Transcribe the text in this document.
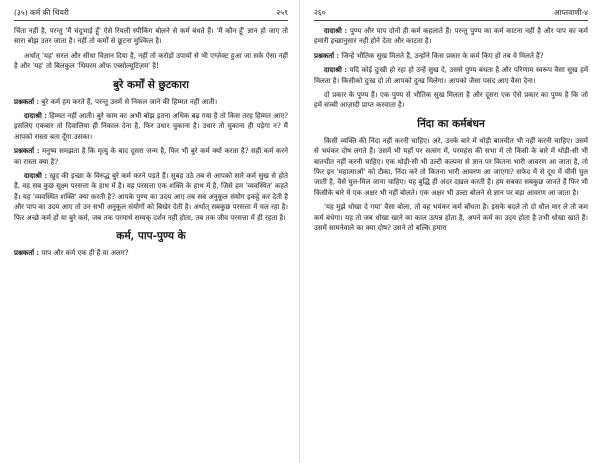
(३५) कर्म की थियरी	२५९

चिंता नहीं है, परन्तु 'मैं चंदूभाई हूँ' ऐसे रियली स्पीकिंग बोलने से कर्म बंधते हैं। 'मैं कौन हूँ' ज्ञान हो जाए तो सारा बोझ उतर जाता है। नहीं तो कर्मों से छूटना मुश्किल है।

अर्थात् 'यह' सरल और सीधा विज्ञान दिया है, नहीं तो करोड़ों उपायों से भी एग्ज़ेक्ट हुआ जा सके ऐसा नहीं है और 'यह' तो बिलकुल 'थियरम ऑफ एब्सोल्यूटिज़म' है!

बुरे कर्मों से छुटकारा

प्रश्नकर्ता : बुरे कर्म हम करते हैं, परन्तु उनमें से निकल जाने की हिम्मत नहीं आती।

दादाश्री : हिम्मत नहीं आती। बुरे काम का अभी बोझ इतना अधिक बढ़ गया है तो किस तरह हिम्मत आए? इसलिए एकबार तो दिवालिया ही निकाल देना है, फिर उधार चुकाना है। उधार तो चुकाना ही पड़ेगा न? मैं आपको रास्ता बता दूँगा उसका।

प्रश्नकर्ता : मनुष्य समझता है कि मृत्यु के बाद दूसरा जन्म है, फिर भी बुरे कर्म क्यों करता है? सही कर्म करने का रास्ता क्या है?

दादाश्री : खुद की इच्छा के विरुद्ध बुरे कर्म करने पड़ते हैं। सुबह उठे तब से आपको सारे कर्म सुख से होते हैं, वह सब कुछ सूक्ष्म परसत्ता के हाथ में है। यह परसत्ता एक शक्ति के हाथ में है, जिसे हम 'व्यवस्थित' कहते हैं। यह 'व्यवस्थित शक्ति' क्या करती है? आपके पुण्य का उदय आए तब सब अनुकूल संयोग इकट्ठे कर देती है और पाप का उदय आए तो उन सभी अनुकूल संयोगों को बिखेर देती है। अर्थात् सबकुछ परसत्ता में चल रहा है। फिर अच्छे कर्म हों या बुरे कर्म, जब तक परमार्थ सम्यक् दर्शन नहीं होता, तब तक जीव परसत्ता में ही रहता है।

कर्म, पाप-पुण्य के

प्रश्नकर्ता : पाप और कर्म एक ही हैं या अलग?

२६०	आप्तवाणी-४

दादाश्री : पुण्य और पाप दोनों ही कर्म कहलाते हैं। परन्तु पुण्य का कर्म काटना नहीं है और पाप का कर्म हमारी इच्छानुसार नहीं होने देता और काटता है।

प्रश्नकर्ता : जिन्हें भौतिक सुख मिलते हैं, उन्होंने किस प्रकार के कर्म किए हों तब वे मिलते हैं?

दादाश्री : यदि कोई दुःखी हो रहा हो उन्हें सुख दे, उससे पुण्य बंधता है और परिणाम स्वरूप वैसा सुख हमें मिलता है। किसीको दुःख दो तो आपको दुःख मिलेगा। आपको जैसा पसंद आए वैसा देना।

दो प्रकार के पुण्य हैं। एक पुण्य से भौतिक सुख मिलता है और दूसरा एक ऐसे प्रकार का पुण्य है कि जो हमें सच्ची आज़ादी प्राप्त करवाता है।

निंदा का कर्मबंधन

किसी व्यक्ति की निंदा नहीं करनी चाहिए। अरे, उनके बारे में थोड़ी बातचीत भी नहीं करनी चाहिए। उसमें से भयंकर दोष लगते हैं। उसमें भी यहाँ पर सत्संग में, परमहंस की सभा में तो किसी के बारे में थोड़ी-सी भी बातचीत नहीं करनी चाहिए। एक थोड़ी-सी भी उल्टी कल्पना से ज्ञान पर कितना भारी आवरण आ जाता है, तो फिर इन 'महात्माओं' को टीका, निंदा करें तो कितना भारी आवरण आ जाएगा? सफेद में से दूध में चीनी घुल जाती है, वैसे घुल-मिल जाना चाहिए। यह बुद्धि ही अंदर दख़ल करती है। हम सबका सबकुछ जानते हैं फिर भी किसीके बारे में एक अक्षर भी नहीं बोलते। एक अक्षर भी उल्टा बोलने से ज्ञान पर बड़ा आवरण आ जाता है।

'यह मुझे धोखा दे गया' वैसा बोला, तो वह भयंकर कर्म बाँधता है। इसके बदले तो दो धौल मार ले तो कम कर्म बंधेगा। यह तो जब धोखा खाने का काल उत्पन्न होता है, अपने कर्म का उदय होता है तभी धोखा खाते हैं। उसमें सामनेवाले का क्या दोष? उसने तो बल्कि हमारा
